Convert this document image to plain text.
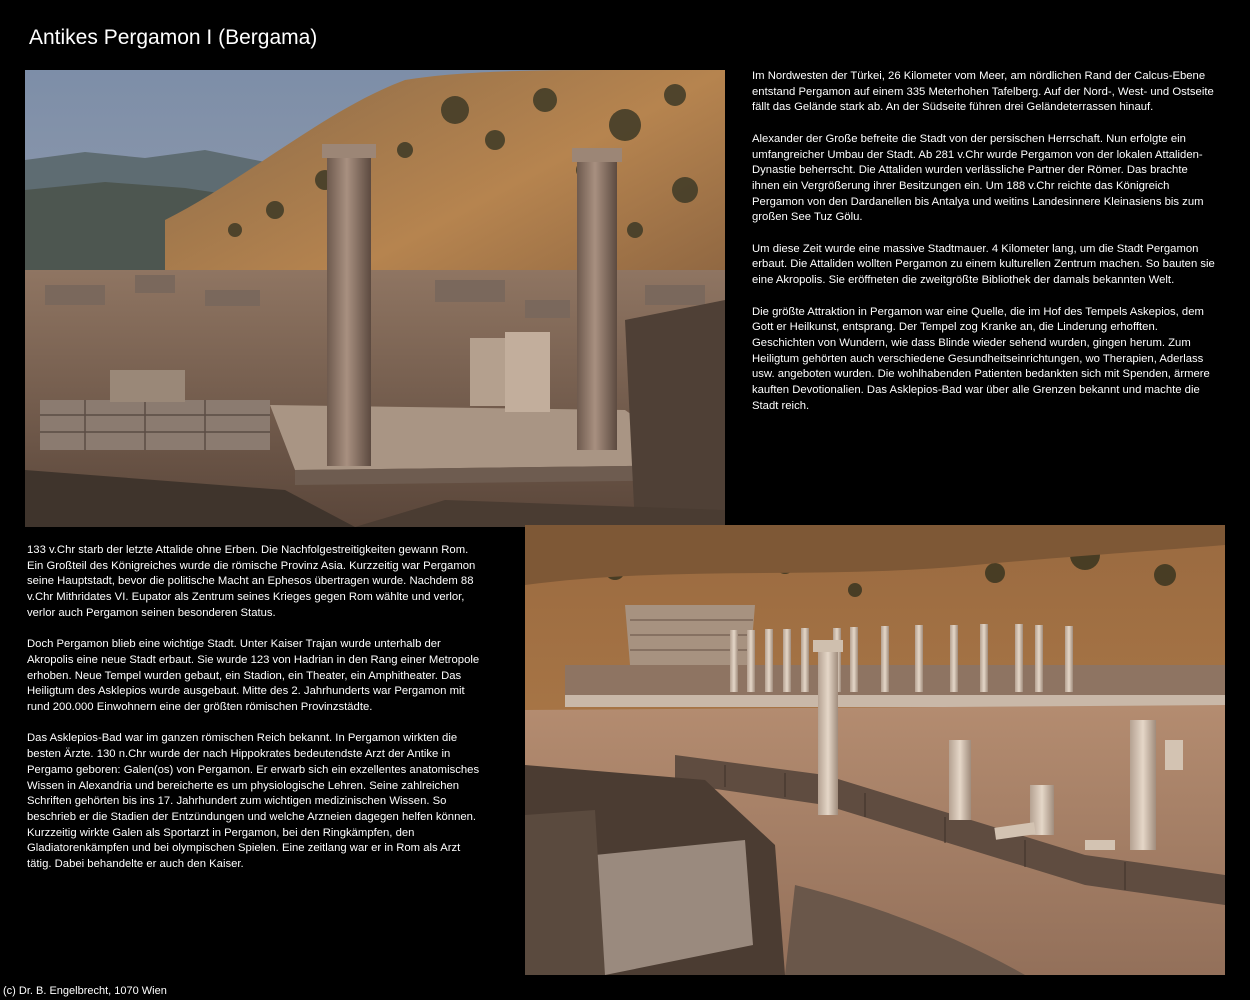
Antikes Pergamon I (Bergama)

Im Nordwesten der Türkei, 26 Kilometer vom Meer, am nördlichen Rand der Calcus-Ebene entstand Pergamon auf einem 335 Meterhohen Tafelberg. Auf der Nord-, West- und Ostseite fällt das Gelände stark ab. An der Südseite führen drei Geländeterrassen hinauf.

Alexander der Große befreite die Stadt von der persischen Herrschaft. Nun erfolgte ein umfangreicher Umbau der Stadt. Ab 281 v.Chr wurde Pergamon von der lokalen Attaliden-Dynastie beherrscht. Die Attaliden wurden verlässliche Partner der Römer. Das brachte ihnen ein Vergrößerung ihrer Besitzungen ein. Um 188 v.Chr reichte das Königreich Pergamon von den Dardanellen bis Antalya und weitins Landesinnere Kleinasiens bis zum großen See Tuz Gölu.

Um diese Zeit wurde eine massive Stadtmauer. 4 Kilometer lang, um die Stadt Pergamon erbaut. Die Attaliden wollten Pergamon zu einem kulturellen Zentrum machen. So bauten sie eine Akropolis. Sie eröffneten die zweitgrößte Bibliothek der damals bekannten Welt.

Die größte Attraktion in Pergamon war eine Quelle, die im Hof des Tempels Askepios, dem Gott er Heilkunst, entsprang. Der Tempel zog Kranke an, die Linderung erhofften. Geschichten von Wundern, wie dass Blinde wieder sehend wurden, gingen herum. Zum Heiligtum gehörten auch verschiedene Gesundheitseinrichtungen, wo Therapien, Aderlass usw. angeboten wurden. Die wohlhabenden Patienten bedankten sich mit Spenden, ärmere kauften Devotionalien. Das Asklepios-Bad war über alle Grenzen bekannt und machte die Stadt reich.

133 v.Chr starb der letzte Attalide ohne Erben. Die Nachfolgestreitigkeiten gewann Rom. Ein Großteil des Königreiches wurde die römische Provinz Asia. Kurzzeitig war Pergamon seine Hauptstadt, bevor die politische Macht an Ephesos übertragen wurde. Nachdem 88 v.Chr Mithridates VI. Eupator als Zentrum seines Krieges gegen Rom wählte und verlor, verlor auch Pergamon seinen besonderen Status.

Doch Pergamon blieb eine wichtige Stadt. Unter Kaiser Trajan wurde unterhalb der Akropolis eine neue Stadt erbaut. Sie wurde 123 von Hadrian in den Rang einer Metropole erhoben. Neue Tempel wurden gebaut, ein Stadion, ein Theater, ein Amphitheater. Das Heiligtum des Asklepios wurde ausgebaut. Mitte des 2. Jahrhunderts war Pergamon mit rund 200.000 Einwohnern eine der größten römischen Provinzstädte.

Das Asklepios-Bad war im ganzen römischen Reich bekannt. In Pergamon wirkten die besten Ärzte. 130 n.Chr wurde der nach Hippokrates bedeutendste Arzt der Antike in Pergamo geboren: Galen(os) von Pergamon. Er erwarb sich ein exzellentes anatomisches Wissen in Alexandria und bereicherte es um physiologische Lehren. Seine zahlreichen Schriften gehörten bis ins 17. Jahrhundert zum wichtigen medizinischen Wissen. So beschrieb er die Stadien der Entzündungen und welche Arzneien dagegen helfen können. Kurzzeitig wirkte Galen als Sportarzt in Pergamon, bei den Ringkämpfen, den Gladiatorenkämpfen und bei olympischen Spielen. Eine zeitlang war er in Rom als Arzt tätig. Dabei behandelte er auch den Kaiser.

(c) Dr. B. Engelbrecht, 1070 Wien
